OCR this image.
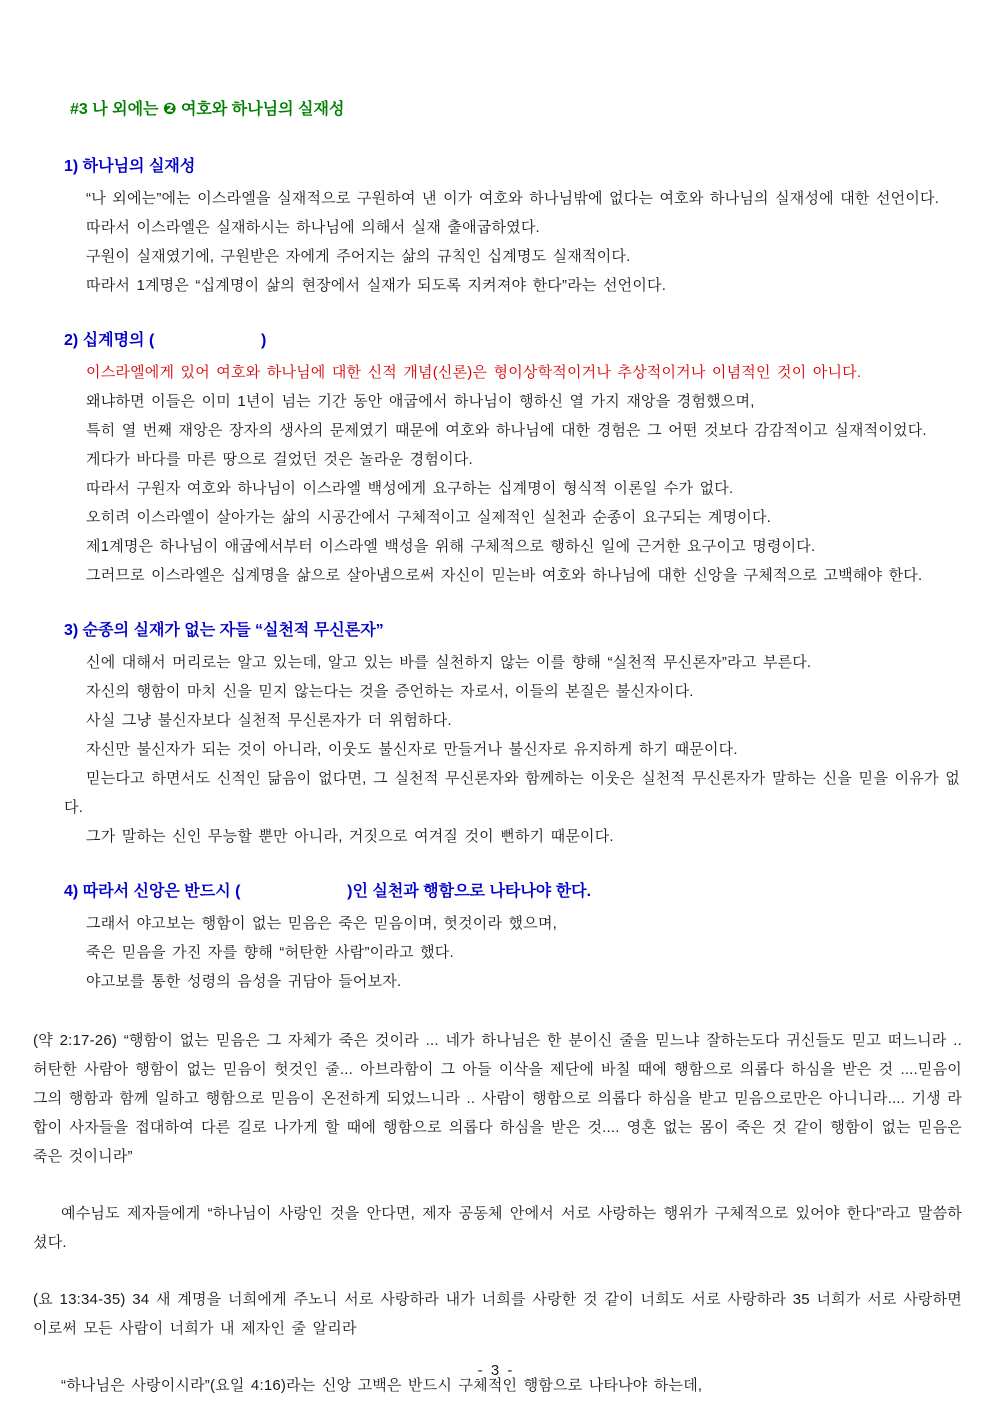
#3 나 외에는 ❷ 여호와 하나님의 실재성
1) 하나님의 실재성

“나 외에는”에는 이스라엘을 실재적으로 구원하여 낸 이가 여호와 하나님밖에 없다는 여호와 하나님의 실재성에 대한 선언이다.

따라서 이스라엘은 실재하시는 하나님에 의해서 실재 출애굽하였다.

구원이 실재였기에, 구원받은 자에게 주어지는 삶의 규칙인 십계명도 실재적이다.

따라서 1계명은 “십계명이 삶의 현장에서 실재가 되도록 지켜져야 한다”라는 선언이다.

2) 십계명의 (                        )

이스라엘에게 있어 여호와 하나님에 대한 신적 개념(신론)은 형이상학적이거나 추상적이거나 이념적인 것이 아니다.

왜냐하면 이들은 이미 1년이 넘는 기간 동안 애굽에서 하나님이 행하신 열 가지 재앙을 경험했으며,

특히 열 번째 재앙은 장자의 생사의 문제였기 때문에 여호와 하나님에 대한 경험은 그 어떤 것보다 감감적이고 실재적이었다.

게다가 바다를 마른 땅으로 걸었던 것은 놀라운 경험이다.

따라서 구원자 여호와 하나님이 이스라엘 백성에게 요구하는 십계명이 형식적 이론일 수가 없다.

오히려 이스라엘이 살아가는 삶의 시공간에서 구체적이고 실제적인 실천과 순종이 요구되는 계명이다.

제1계명은 하나님이 애굽에서부터 이스라엘 백성을 위해 구체적으로 행하신 일에 근거한 요구이고 명령이다.

그러므로 이스라엘은 십계명을 삶으로 살아냄으로써 자신이 믿는바 여호와 하나님에 대한 신앙을 구체적으로 고백해야 한다.

3) 순종의 실재가 없는 자들 “실천적 무신론자”

신에 대해서 머리로는 알고 있는데, 알고 있는 바를 실천하지 않는 이를 향해 “실천적 무신론자”라고 부른다.

자신의 행함이 마치 신을 믿지 않는다는 것을 증언하는 자로서, 이들의 본질은 불신자이다.

사실 그냥 불신자보다 실천적 무신론자가 더 위험하다.

자신만 불신자가 되는 것이 아니라, 이웃도 불신자로 만들거나 불신자로 유지하게 하기 때문이다.

믿는다고 하면서도 신적인 닮음이 없다면, 그 실천적 무신론자와 함께하는 이웃은 실천적 무신론자가 말하는 신을 믿을 이유가 없다.

그가 말하는 신인 무능할 뿐만 아니라, 거짓으로 여겨질 것이 뻔하기 때문이다.

4) 따라서 신앙은 반드시 (                        )인 실천과 행함으로 나타나야 한다.

그래서 야고보는 행함이 없는 믿음은 죽은 믿음이며, 헛것이라 했으며,

죽은 믿음을 가진 자를 향해 “허탄한 사람”이라고 했다.

야고보를 통한 성령의 음성을 귀담아 들어보자.

(약 2:17-26) “행함이 없는 믿음은 그 자체가 죽은 것이라 ... 네가 하나님은 한 분이신 줄을 믿느냐 잘하는도다 귀신들도 믿고 떠느니라 .. 허탄한 사람아 행함이 없는 믿음이 헛것인 줄... 아브라함이 그 아들 이삭을 제단에 바칠 때에 행함으로 의롭다 하심을 받은 것 ....믿음이 그의 행함과 함께 일하고 행함으로 믿음이 온전하게 되었느니라 .. 사람이 행함으로 의롭다 하심을 받고 믿음으로만은 아니니라.... 기생 라합이 사자들을 접대하여 다른 길로 나가게 할 때에 행함으로 의롭다 하심을 받은 것.... 영혼 없는 몸이 죽은 것 같이 행함이 없는 믿음은 죽은 것이니라”

예수님도 제자들에게 “하나님이 사랑인 것을 안다면, 제자 공동체 안에서 서로 사랑하는 행위가 구체적으로 있어야 한다”라고 말씀하셨다.

(요 13:34-35) 34 새 계명을 너희에게 주노니 서로 사랑하라 내가 너희를 사랑한 것 같이 너희도 서로 사랑하라 35 너희가 서로 사랑하면 이로써 모든 사람이 너희가 내 제자인 줄 알리라

“하나님은 사랑이시라”(요일 4:16)라는 신앙 고백은 반드시 구체적인 행함으로 나타나야 하는데,

- 3 -
